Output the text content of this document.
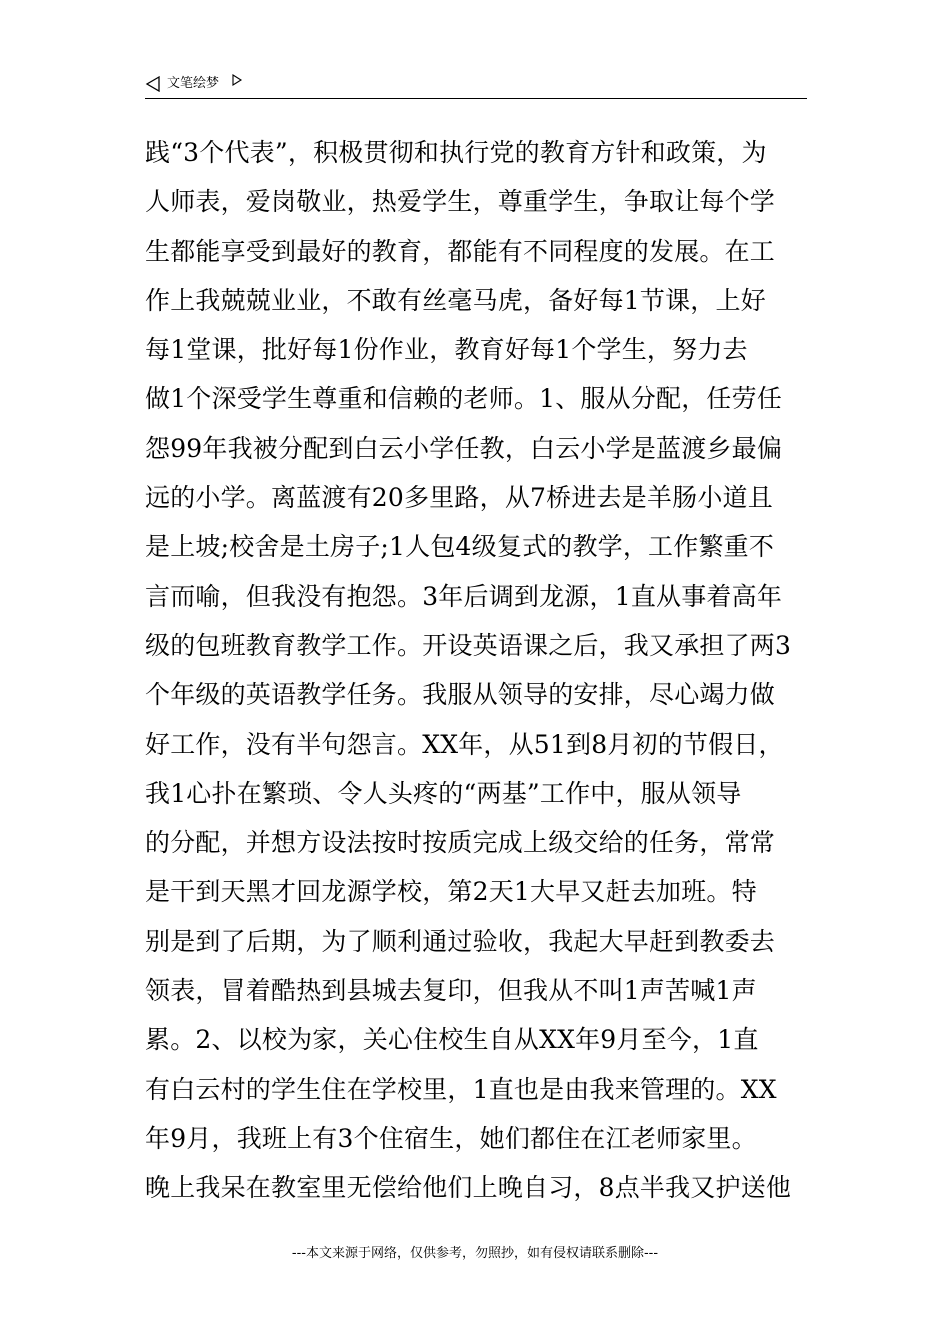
文笔绘梦
践“3个代表”，积极贯彻和执行党的教育方针和政策，为
人师表，爱岗敬业，热爱学生，尊重学生，争取让每个学
生都能享受到最好的教育，都能有不同程度的发展。在工
作上我兢兢业业，不敢有丝毫马虎，备好每1节课，上好
每1堂课，批好每1份作业，教育好每1个学生，努力去
做1个深受学生尊重和信赖的老师。1、服从分配，任劳任
怨99年我被分配到白云小学任教，白云小学是蓝渡乡最偏
远的小学。离蓝渡有20多里路，从7桥进去是羊肠小道且
是上坡;校舍是土房子;1人包4级复式的教学，工作繁重不
言而喻，但我没有抱怨。3年后调到龙源，1直从事着高年
级的包班教育教学工作。开设英语课之后，我又承担了两3
个年级的英语教学任务。我服从领导的安排，尽心竭力做
好工作，没有半句怨言。XX年，从51到8月初的节假日，
我1心扑在繁琐、令人头疼的“两基”工作中，服从领导
的分配，并想方设法按时按质完成上级交给的任务，常常
是干到天黑才回龙源学校，第2天1大早又赶去加班。特
别是到了后期，为了顺利通过验收，我起大早赶到教委去
领表，冒着酷热到县城去复印，但我从不叫1声苦喊1声
累。2、以校为家，关心住校生自从XX年9月至今，1直
有白云村的学生住在学校里，1直也是由我来管理的。XX
年9月，我班上有3个住宿生，她们都住在江老师家里。
晚上我呆在教室里无偿给他们上晚自习，8点半我又护送他
---本文来源于网络，仅供参考，勿照抄，如有侵权请联系删除---
